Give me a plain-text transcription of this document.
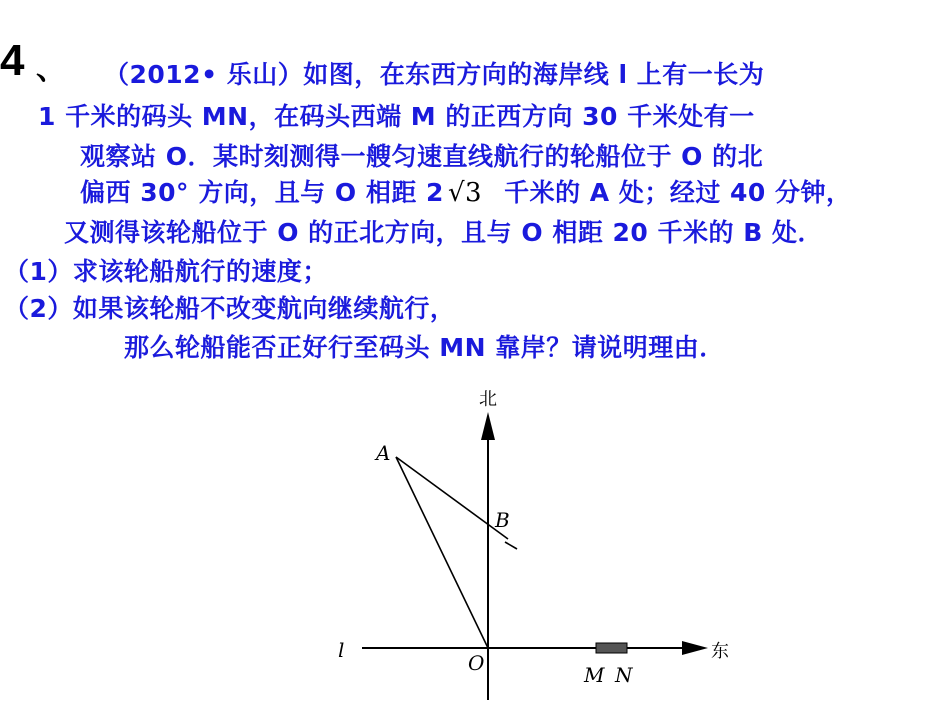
4 、 （2012• 乐山）如图，在东西方向的海岸线 l 上有一长为
1 千米的码头 MN，在码头西端 M 的正西方向 30 千米处有一
观察站 O．某时刻测得一艘匀速直线航行的轮船位于 O 的北
偏西 30° 方向，且与 O 相距 2 √3 千米的 A 处；经过 40 分钟，
又测得该轮船位于 O 的正北方向，且与 O 相距 20 千米的 B 处．
（1）求该轮船航行的速度；
（2）如果该轮船不改变航向继续航行，
那么轮船能否正好行至码头 MN 靠岸？请说明理由．
北
东
l
O
A
B
M N
